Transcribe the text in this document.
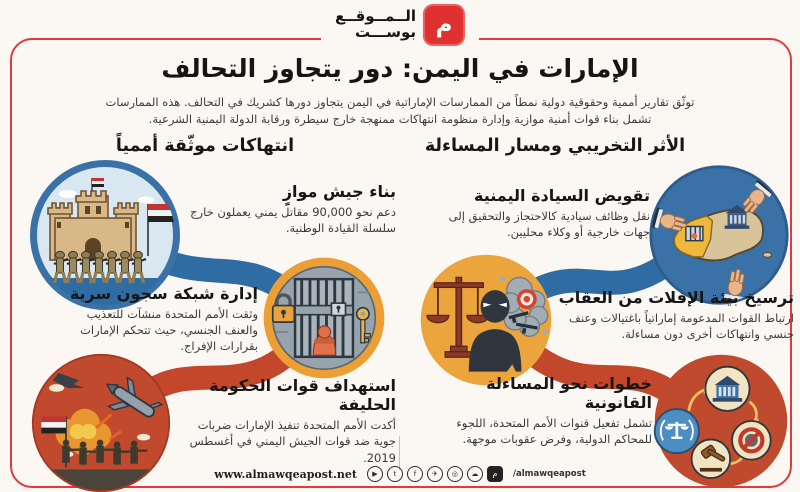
الــمــوقــع
بوســـت م
الإمارات في اليمن: دور يتجاوز التحالف

توثّق تقارير أممية وحقوقية دولية نمطاً من الممارسات الإماراتية في اليمن يتجاوز دورها كشريك في التحالف. هذه الممارسات تشمل بناء قوات أمنية موازية وإدارة منظومة انتهاكات ممنهجة خارج سيطرة ورقابة الدولة اليمنية الشرعية.

انتهاكات موثّقة أممياً	الأثر التخريبي ومسار المساءلة
بناء جيش موازٍ
دعم نحو 90,000 مقاتل يمني يعملون خارج سلسلة القيادة الوطنية.
إدارة شبكة سجون سرية
وثقت الأمم المتحدة منشآت للتعذيب والعنف الجنسي، حيث تتحكم الإمارات بقرارات الإفراج.
استهداف قوات الحكومة الحليفة
أكدت الأمم المتحدة تنفيذ الإمارات ضربات جوية ضد قوات الجيش اليمني في أغسطس 2019.
تقويض السيادة اليمنية
نقل وظائف سيادية كالاحتجاز والتحقيق إلى جهات خارجية أو وكلاء محليين.
ترسيخ بيئة الإفلات من العقاب
ارتباط القوات المدعومة إماراتياً باغتيالات وعنف جنسي وانتهاكات أخرى دون مساءلة.
خطوات نحو المساءلة القانونية
تشمل تفعيل قنوات الأمم المتحدة، اللجوء للمحاكم الدولية، وفرض عقوبات موجهة.
www.almawqeapost.net	▶	t	f	✈	◎	☁	م	/almawqeapost
